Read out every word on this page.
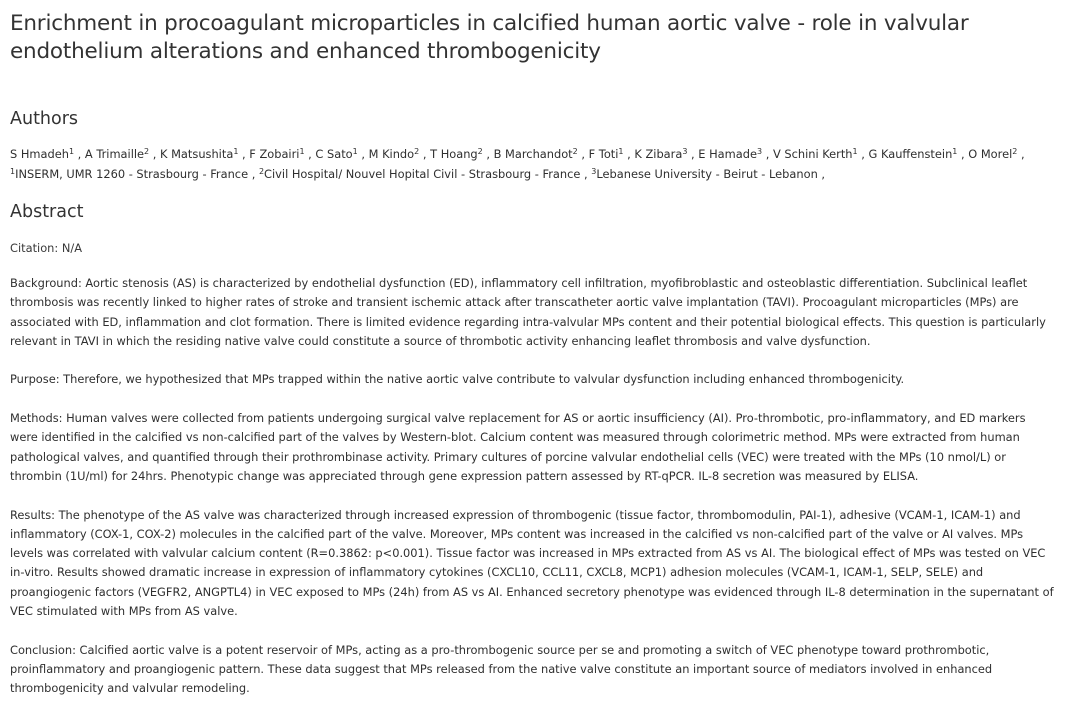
Enrichment in procoagulant microparticles in calcified human aortic valve - role in valvular endothelium alterations and enhanced thrombogenicity
Authors
S Hmadeh$^1$ , A Trimaille$^2$ , K Matsushita$^1$ , F Zobairi$^1$ , C Sato$^1$ , M Kindo$^2$ , T Hoang$^2$ , B Marchandot$^2$ , F Toti$^1$ , K Zibara$^3$ , E Hamade$^3$ , V Schini Kerth$^1$ , G Kauffenstein$^1$ , O Morel$^2$ ,
$^1$INSERM, UMR 1260 - Strasbourg - France , $^2$Civil Hospital/ Nouvel Hopital Civil - Strasbourg - France , $^3$Lebanese University - Beirut - Lebanon ,
Abstract
Citation: N/A

Background: Aortic stenosis (AS) is characterized by endothelial dysfunction (ED), inflammatory cell infiltration, myofibroblastic and osteoblastic differentiation. Subclinical leaflet thrombosis was recently linked to higher rates of stroke and transient ischemic attack after transcatheter aortic valve implantation (TAVI). Procoagulant microparticles (MPs) are associated with ED, inflammation and clot formation. There is limited evidence regarding intra-valvular MPs content and their potential biological effects. This question is particularly relevant in TAVI in which the residing native valve could constitute a source of thrombotic activity enhancing leaflet thrombosis and valve dysfunction.

Purpose: Therefore, we hypothesized that MPs trapped within the native aortic valve contribute to valvular dysfunction including enhanced thrombogenicity.

Methods: Human valves were collected from patients undergoing surgical valve replacement for AS or aortic insufficiency (AI). Pro-thrombotic, pro-inflammatory, and ED markers were identified in the calcified vs non-calcified part of the valves by Western-blot. Calcium content was measured through colorimetric method. MPs were extracted from human pathological valves, and quantified through their prothrombinase activity. Primary cultures of porcine valvular endothelial cells (VEC) were treated with the MPs (10 nmol/L) or thrombin (1U/ml) for 24hrs. Phenotypic change was appreciated through gene expression pattern assessed by RT-qPCR. IL-8 secretion was measured by ELISA.

Results: The phenotype of the AS valve was characterized through increased expression of thrombogenic (tissue factor, thrombomodulin, PAI-1), adhesive (VCAM-1, ICAM-1) and inflammatory (COX-1, COX-2) molecules in the calcified part of the valve. Moreover, MPs content was increased in the calcified vs non-calcified part of the valve or AI valves. MPs levels was correlated with valvular calcium content (R=0.3862: p<0.001). Tissue factor was increased in MPs extracted from AS vs AI. The biological effect of MPs was tested on VEC in-vitro. Results showed dramatic increase in expression of inflammatory cytokines (CXCL10, CCL11, CXCL8, MCP1) adhesion molecules (VCAM-1, ICAM-1, SELP, SELE) and proangiogenic factors (VEGFR2, ANGPTL4) in VEC exposed to MPs (24h) from AS vs AI. Enhanced secretory phenotype was evidenced through IL-8 determination in the supernatant of VEC stimulated with MPs from AS valve.

Conclusion: Calcified aortic valve is a potent reservoir of MPs, acting as a pro-thrombogenic source per se and promoting a switch of VEC phenotype toward prothrombotic, proinflammatory and proangiogenic pattern. These data suggest that MPs released from the native valve constitute an important source of mediators involved in enhanced thrombogenicity and valvular remodeling.
